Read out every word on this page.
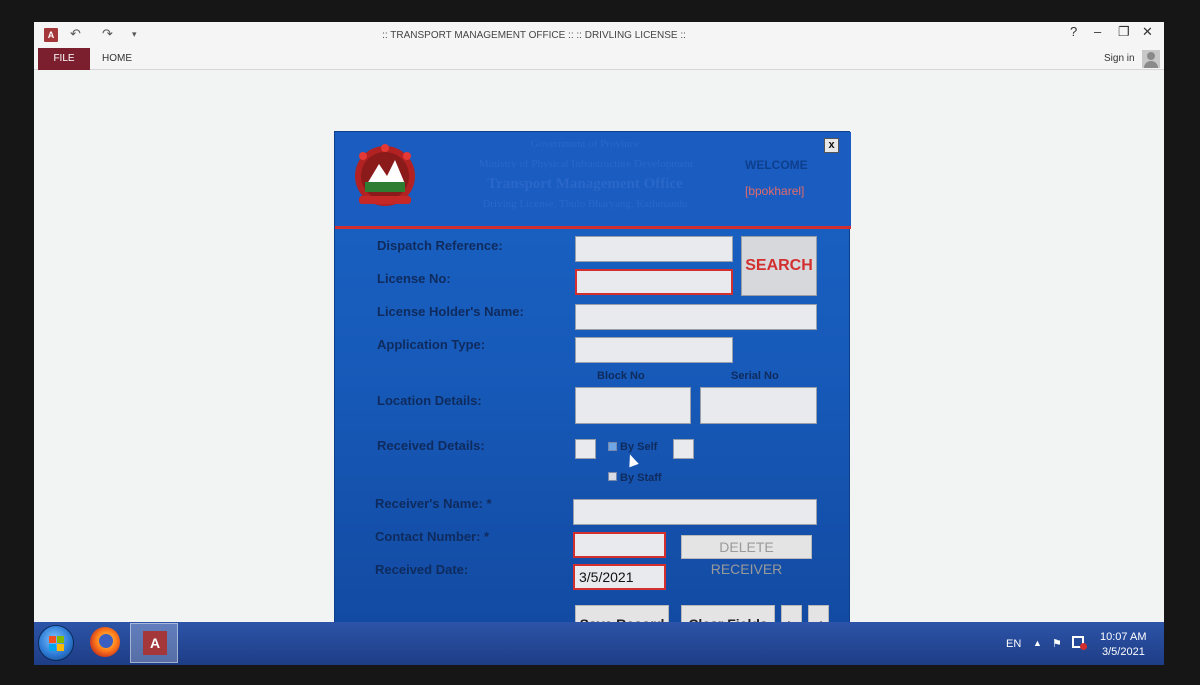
A ↶ ↷ ▾	:: TRANSPORT MANAGEMENT OFFICE :: :: DRIVLING LICENSE ::	? – ❐ ✕
FILE	HOME	Sign in
Government of Province
Ministry of Physical Infrastructure Development
Transport Management Office
Driving License, Thulo Bharyang, Kathmandu
WELCOME
[bpokharel]
x
Dispatch Reference:
License No:
SEARCH
License Holder's Name:
Application Type:
Block No	Serial No
Location Details:
Received Details:	By Self
By Staff
Receiver's Name: *
Contact Number: *
DELETE RECEIVER
Received Date:	3/5/2021
A	EN ▲ ⚑
10:07 AM
3/5/2021
